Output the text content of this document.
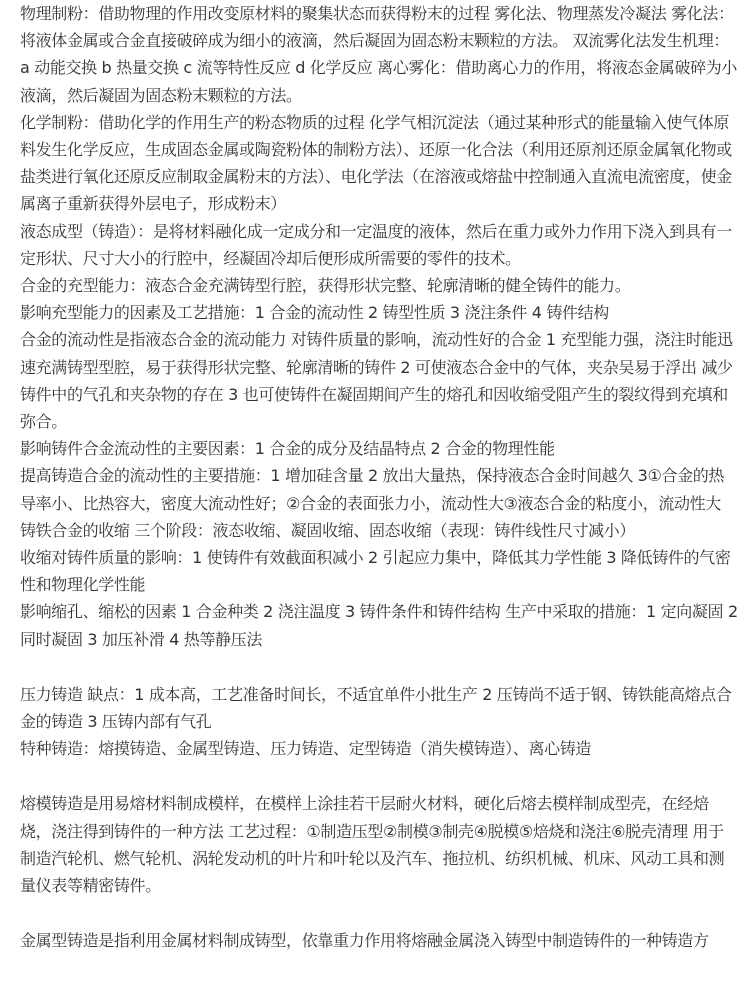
物理制粉：借助物理的作用改变原材料的聚集状态而获得粉末的过程 雾化法、物理蒸发冷凝法 雾化法：将液体金属或合金直接破碎成为细小的液滴，然后凝固为固态粉末颗粒的方法。 双流雾化法发生机理：a 动能交换 b 热量交换 c 流等特性反应 d 化学反应 离心雾化：借助离心力的作用，将液态金属破碎为小液滴，然后凝固为固态粉末颗粒的方法。

化学制粉：借助化学的作用生产的粉态物质的过程 化学气相沉淀法（通过某种形式的能量输入使气体原料发生化学反应，生成固态金属或陶瓷粉体的制粉方法）、还原一化合法（利用还原剂还原金属氧化物或盐类进行氧化还原反应制取金属粉末的方法）、电化学法（在溶液或熔盐中控制通入直流电流密度，使金属离子重新获得外层电子，形成粉末）

液态成型（铸造）：是将材料融化成一定成分和一定温度的液体，然后在重力或外力作用下浇入到具有一定形状、尺寸大小的行腔中，经凝固冷却后便形成所需要的零件的技术。

合金的充型能力：液态合金充满铸型行腔，获得形状完整、轮廓清晰的健全铸件的能力。

影响充型能力的因素及工艺措施：1 合金的流动性 2 铸型性质 3 浇注条件 4 铸件结构

合金的流动性是指液态合金的流动能力 对铸件质量的影响，流动性好的合金 1 充型能力强，浇注时能迅速充满铸型型腔，易于获得形状完整、轮廓清晰的铸件 2 可使液态合金中的气体，夹杂吴易于浮出 减少铸件中的气孔和夹杂物的存在 3 也可使铸件在凝固期间产生的熔孔和因收缩受阻产生的裂纹得到充填和弥合。

影响铸件合金流动性的主要因素：1 合金的成分及结晶特点 2 合金的物理性能

提高铸造合金的流动性的主要措施：1 增加硅含量 2 放出大量热，保持液态合金时间越久 3①合金的热导率小、比热容大，密度大流动性好；②合金的表面张力小，流动性大③液态合金的粘度小，流动性大

铸铁合金的收缩 三个阶段：液态收缩、凝固收缩、固态收缩（表现：铸件线性尺寸减小）

收缩对铸件质量的影响：1 使铸件有效截面积减小 2 引起应力集中，降低其力学性能 3 降低铸件的气密性和物理化学性能

影响缩孔、缩松的因素 1 合金种类 2 浇注温度 3 铸件条件和铸件结构 生产中采取的措施：1 定向凝固 2 同时凝固 3 加压补滑 4 热等静压法

压力铸造 缺点：1 成本高，工艺准备时间长，不适宜单件小批生产 2 压铸尚不适于钢、铸铁能高熔点合金的铸造 3 压铸内部有气孔

特种铸造：熔摸铸造、金属型铸造、压力铸造、定型铸造（消失模铸造）、离心铸造

熔模铸造是用易熔材料制成模样，在模样上涂挂若干层耐火材料，硬化后熔去模样制成型壳，在经焙烧，浇注得到铸件的一种方法 工艺过程：①制造压型②制模③制壳④脱模⑤焙烧和浇注⑥脱壳清理 用于制造汽轮机、燃气轮机、涡轮发动机的叶片和叶轮以及汽车、拖拉机、纺织机械、机床、风动工具和测量仪表等精密铸件。

金属型铸造是指利用金属材料制成铸型，依靠重力作用将熔融金属浇入铸型中制造铸件的一种铸造方
